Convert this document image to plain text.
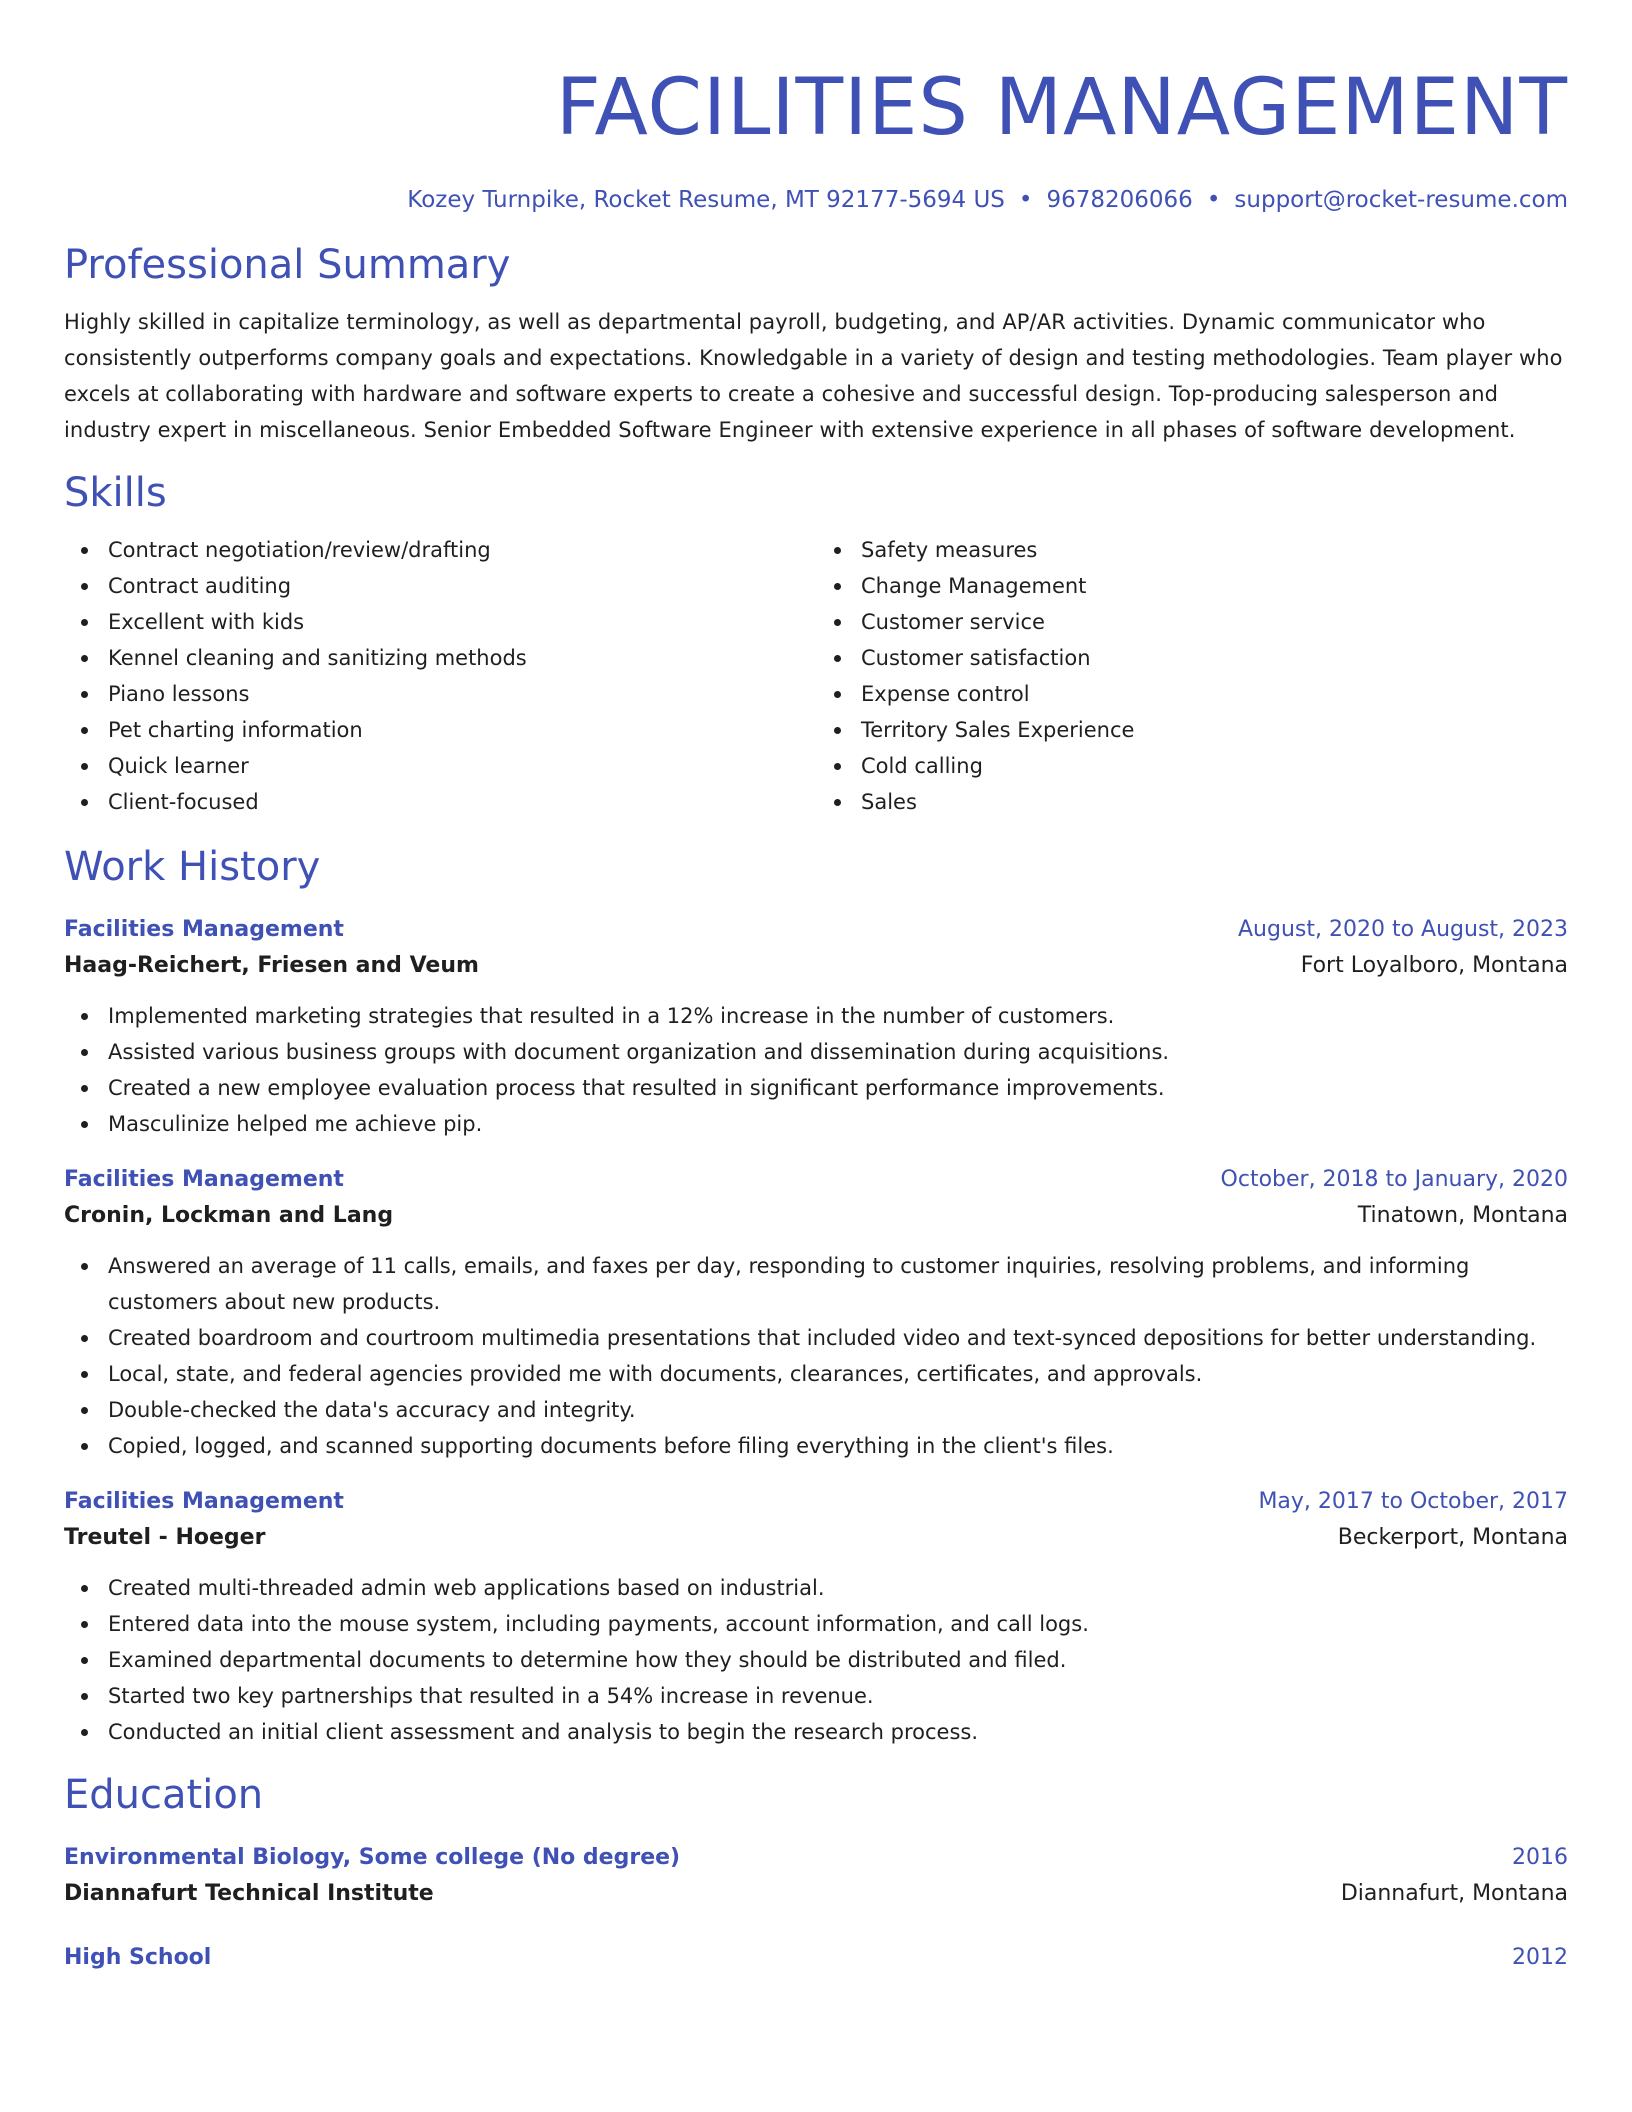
FACILITIES MANAGEMENT
Kozey Turnpike, Rocket Resume, MT 92177-5694 US • 9678206066 • support@rocket-resume.com
Professional Summary

Highly skilled in capitalize terminology, as well as departmental payroll, budgeting, and AP/AR activities. Dynamic communicator who consistently outperforms company goals and expectations. Knowledgable in a variety of design and testing methodologies. Team player who excels at collaborating with hardware and software experts to create a cohesive and successful design. Top-producing salesperson and industry expert in miscellaneous. Senior Embedded Software Engineer with extensive experience in all phases of software development.

Skills
Contract negotiation/review/drafting
Contract auditing
Excellent with kids
Kennel cleaning and sanitizing methods
Piano lessons
Pet charting information
Quick learner
Client-focused
Safety measures
Change Management
Customer service
Customer satisfaction
Expense control
Territory Sales Experience
Cold calling
Sales
Work History
Facilities Management	August, 2020 to August, 2023
Haag-Reichert, Friesen and Veum	Fort Loyalboro, Montana
Implemented marketing strategies that resulted in a 12% increase in the number of customers.
Assisted various business groups with document organization and dissemination during acquisitions.
Created a new employee evaluation process that resulted in significant performance improvements.
Masculinize helped me achieve pip.
Facilities Management	October, 2018 to January, 2020
Cronin, Lockman and Lang	Tinatown, Montana
Answered an average of 11 calls, emails, and faxes per day, responding to customer inquiries, resolving problems, and informing customers about new products.
Created boardroom and courtroom multimedia presentations that included video and text-synced depositions for better understanding.
Local, state, and federal agencies provided me with documents, clearances, certificates, and approvals.
Double-checked the data's accuracy and integrity.
Copied, logged, and scanned supporting documents before filing everything in the client's files.
Facilities Management	May, 2017 to October, 2017
Treutel - Hoeger	Beckerport, Montana
Created multi-threaded admin web applications based on industrial.
Entered data into the mouse system, including payments, account information, and call logs.
Examined departmental documents to determine how they should be distributed and filed.
Started two key partnerships that resulted in a 54% increase in revenue.
Conducted an initial client assessment and analysis to begin the research process.
Education
Environmental Biology, Some college (No degree)	2016
Diannafurt Technical Institute	Diannafurt, Montana
High School	2012
